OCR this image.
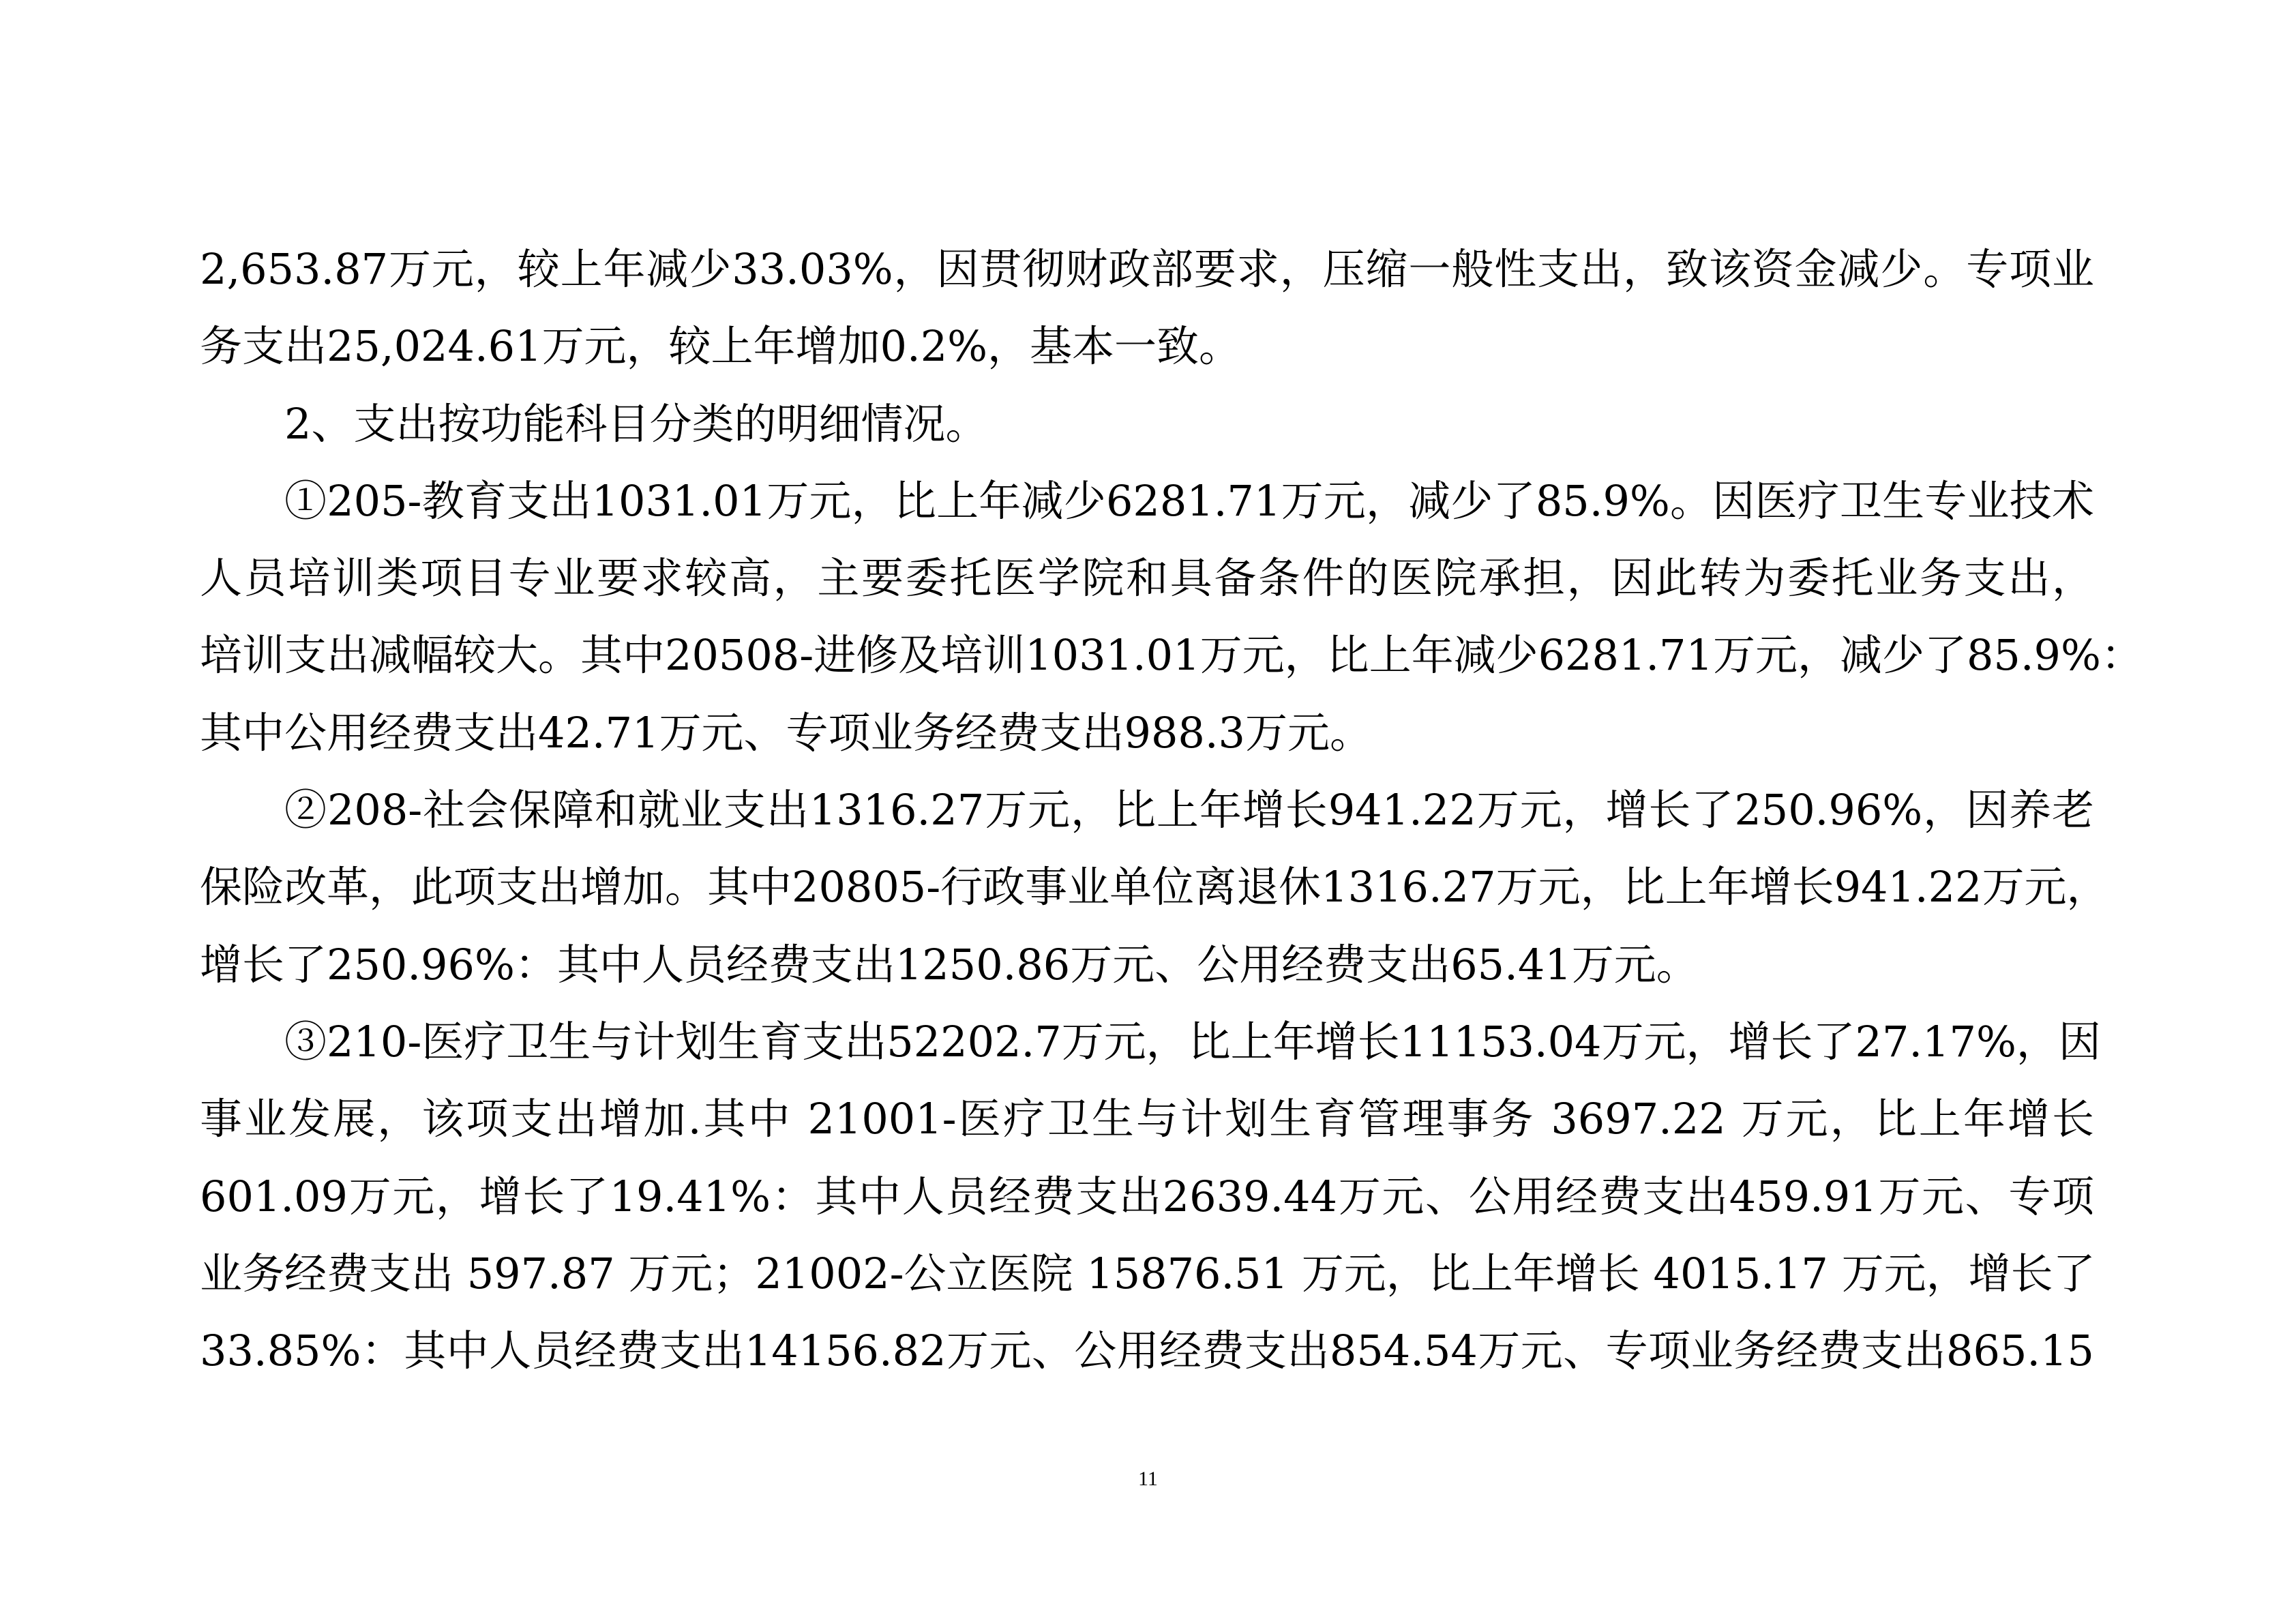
2,653.87万元，较上年减少33.03%，因贯彻财政部要求，压缩一般性支出，致该资金减少。专项业
务支出25,024.61万元，较上年增加0.2%，基本一致。
2、支出按功能科目分类的明细情况。
①205-教育支出1031.01万元，比上年减少6281.71万元，减少了85.9%。因医疗卫生专业技术
人员培训类项目专业要求较高，主要委托医学院和具备条件的医院承担，因此转为委托业务支出，
培训支出减幅较大。其中20508-进修及培训1031.01万元，比上年减少6281.71万元，减少了85.9%：
其中公用经费支出42.71万元、专项业务经费支出988.3万元。
②208-社会保障和就业支出1316.27万元，比上年增长941.22万元，增长了250.96%，因养老
保险改革，此项支出增加。其中20805-行政事业单位离退休1316.27万元，比上年增长941.22万元，
增长了250.96%：其中人员经费支出1250.86万元、公用经费支出65.41万元。
③210-医疗卫生与计划生育支出52202.7万元，比上年增长11153.04万元，增长了27.17%，因
事业发展，该项支出增加.其中 21001-医疗卫生与计划生育管理事务 3697.22 万元，比上年增长
601.09万元，增长了19.41%：其中人员经费支出2639.44万元、公用经费支出459.91万元、专项
业务经费支出 597.87 万元；21002-公立医院 15876.51 万元，比上年增长 4015.17 万元，增长了
33.85%：其中人员经费支出14156.82万元、公用经费支出854.54万元、专项业务经费支出865.15
11
